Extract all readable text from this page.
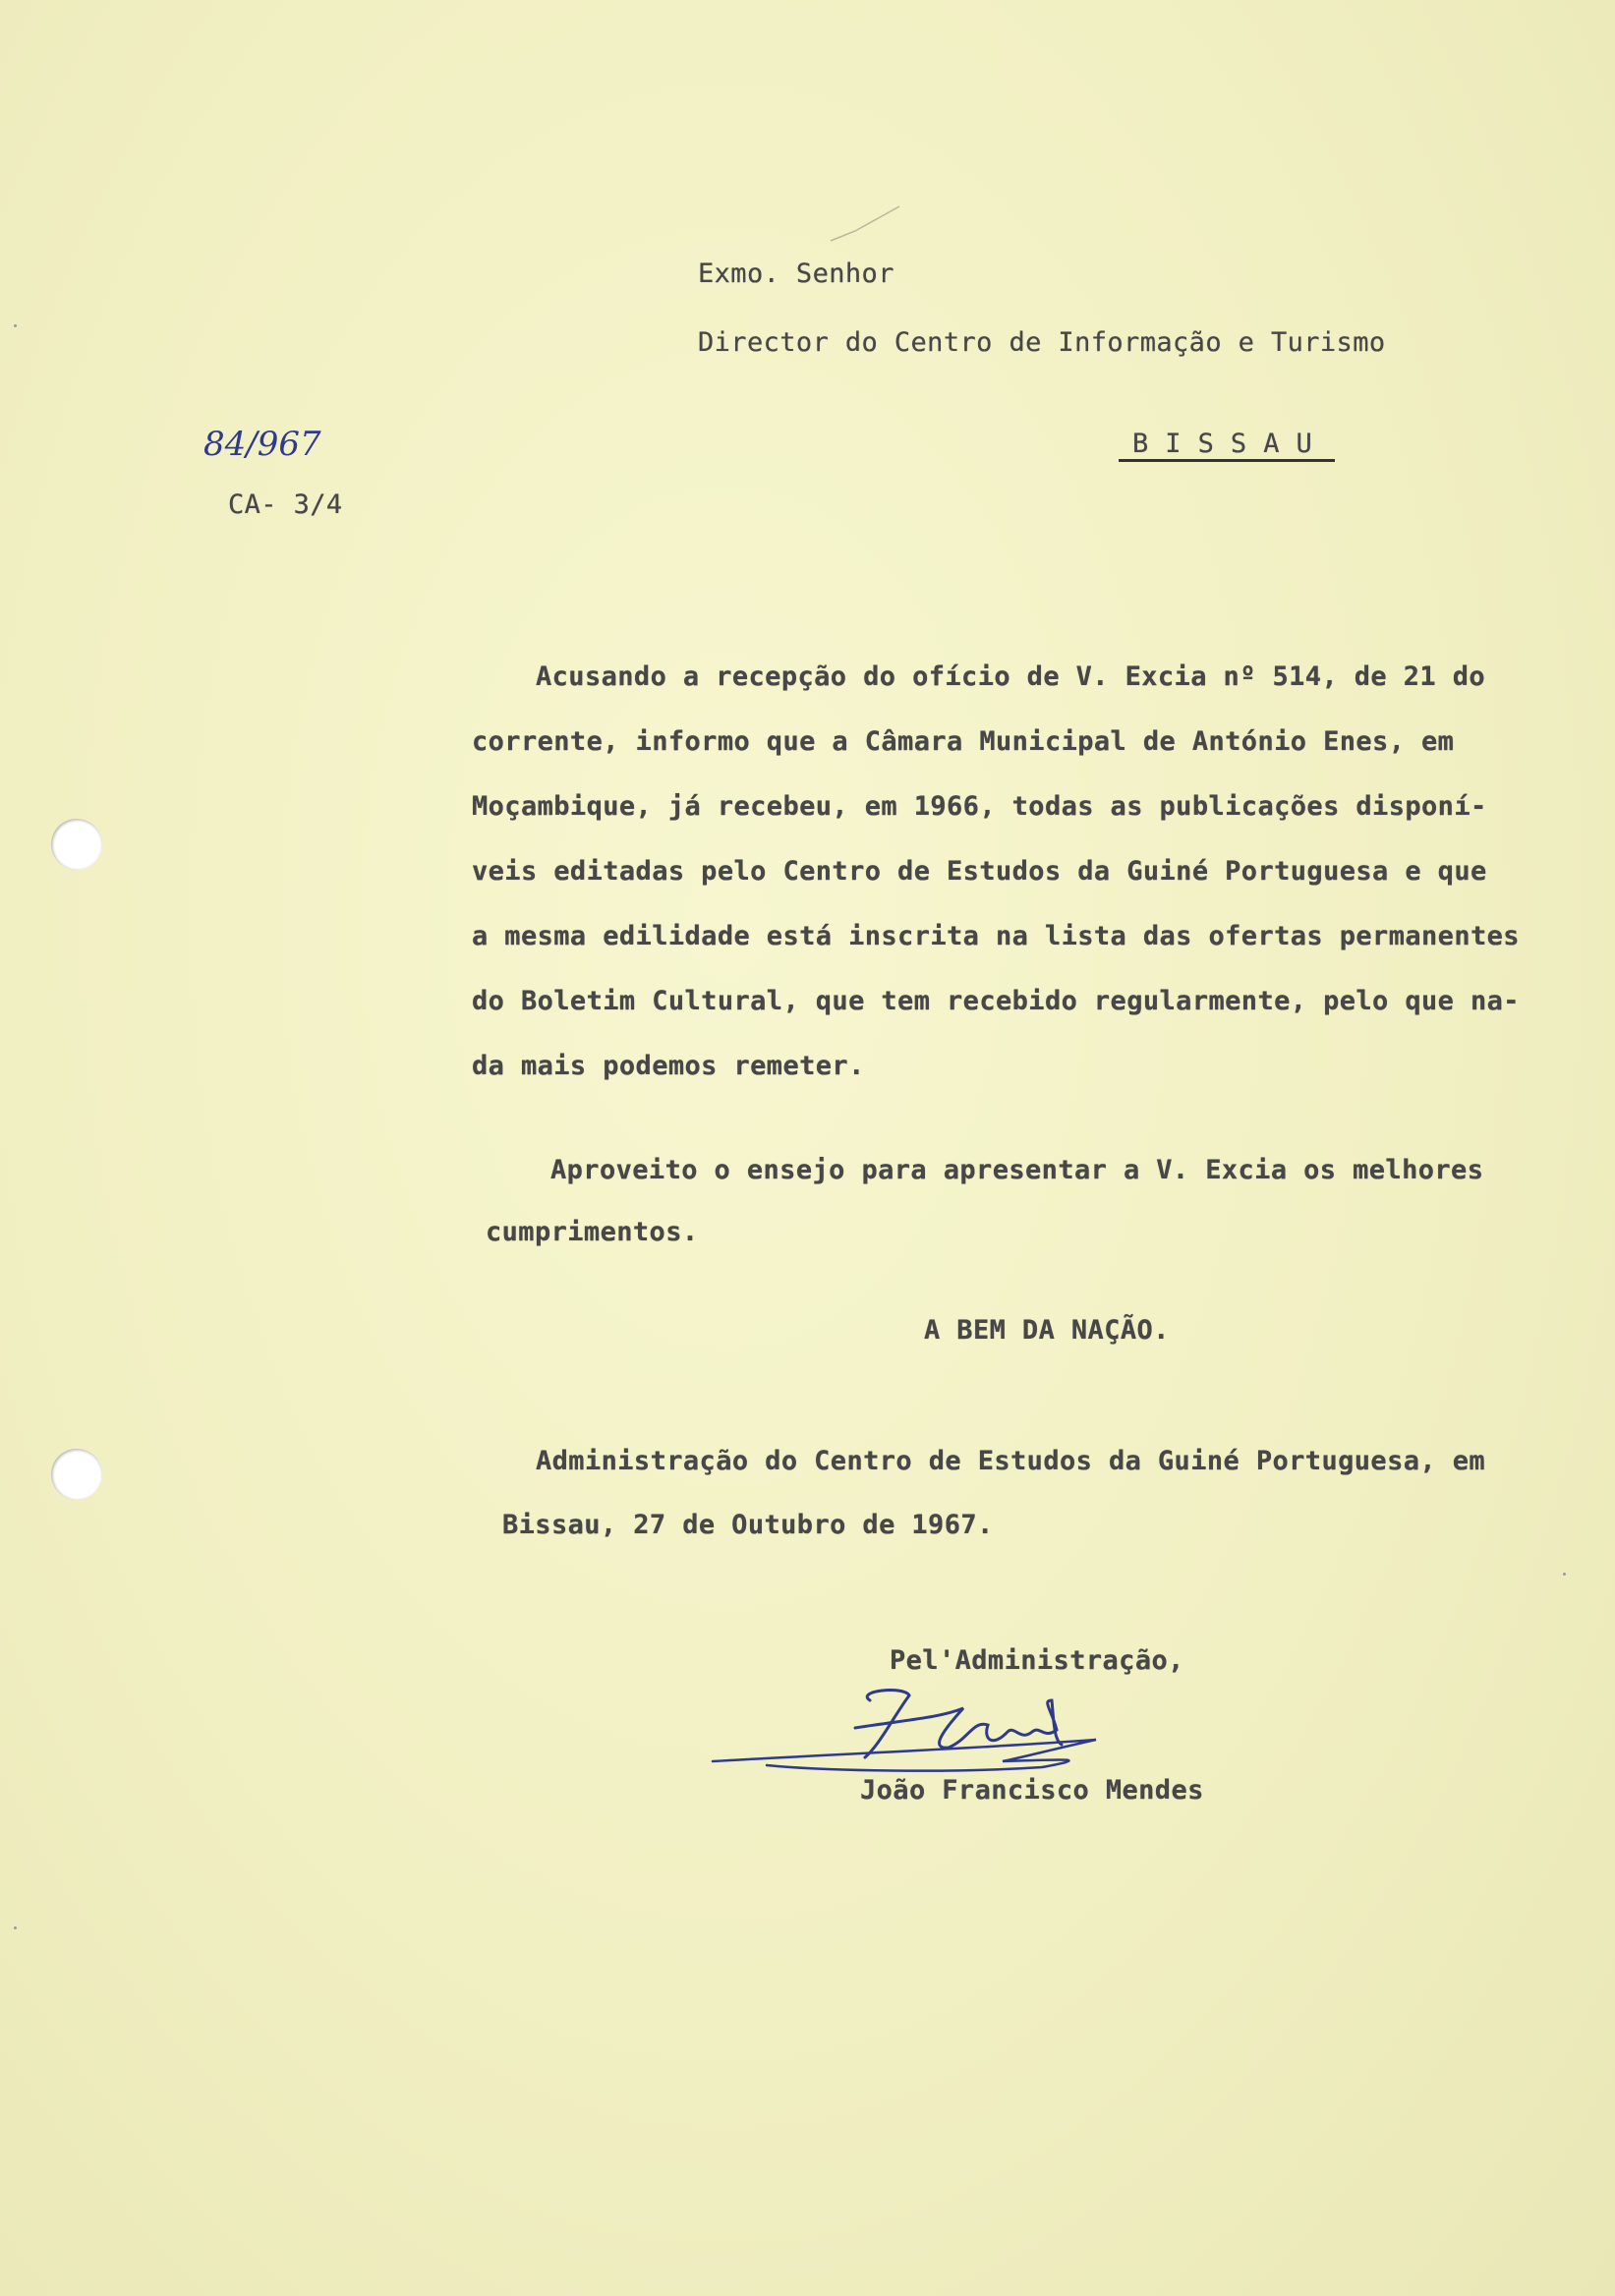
Exmo. Senhor
Director do Centro de Informação e Turismo
B I S S A U
84/967
CA- 3/4
Acusando a recepção do ofício de V. Excia nº 514, de 21 do
corrente, informo que a Câmara Municipal de António Enes, em
Moçambique, já recebeu, em 1966, todas as publicações disponí-
veis editadas pelo Centro de Estudos da Guiné Portuguesa e que
a mesma edilidade está inscrita na lista das ofertas permanentes
do Boletim Cultural, que tem recebido regularmente, pelo que na-
da mais podemos remeter.
Aproveito o ensejo para apresentar a V. Excia os melhores
cumprimentos.
A BEM DA NAÇÃO.
Administração do Centro de Estudos da Guiné Portuguesa, em
Bissau, 27 de Outubro de 1967.
Pel'Administração,
João Francisco Mendes
